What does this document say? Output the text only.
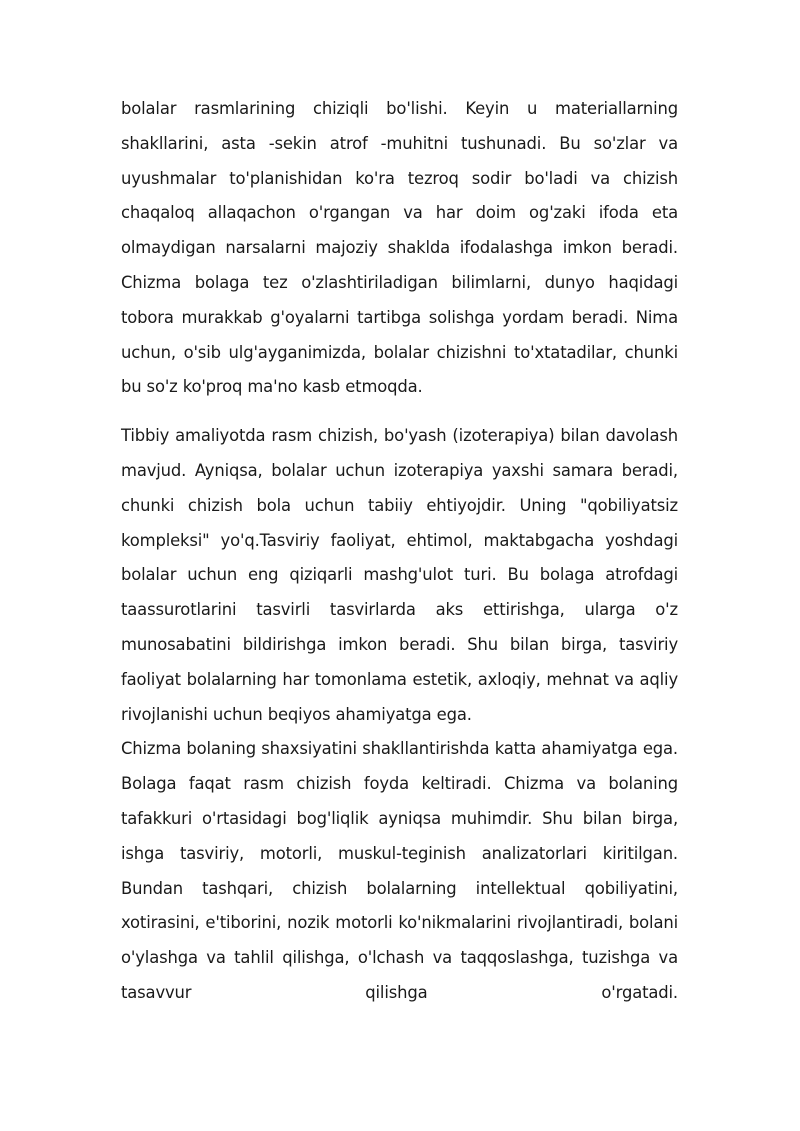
bolalar rasmlarining chiziqli bo'lishi. Keyin u materiallarning shakllarini, asta -sekin atrof -muhitni tushunadi. Bu so'zlar va uyushmalar to'planishidan ko'ra tezroq sodir bo'ladi va chizish chaqaloq allaqachon o'rgangan va har doim og'zaki ifoda eta olmaydigan narsalarni majoziy shaklda ifodalashga imkon beradi. Chizma bolaga tez o'zlashtiriladigan bilimlarni, dunyo haqidagi tobora murakkab g'oyalarni tartibga solishga yordam beradi. Nima uchun, o'sib ulg'ayganimizda, bolalar chizishni to'xtatadilar, chunki bu so'z ko'proq ma'no kasb etmoqda.

Tibbiy amaliyotda rasm chizish, bo'yash (izoterapiya) bilan davolash mavjud. Ayniqsa, bolalar uchun izoterapiya yaxshi samara beradi, chunki chizish bola uchun tabiiy ehtiyojdir. Uning "qobiliyatsiz kompleksi" yo'q.Tasviriy faoliyat, ehtimol, maktabgacha yoshdagi bolalar uchun eng qiziqarli mashg'ulot turi. Bu bolaga atrofdagi taassurotlarini tasvirli tasvirlarda aks ettirishga, ularga o'z munosabatini bildirishga imkon beradi. Shu bilan birga, tasviriy faoliyat bolalarning har tomonlama estetik, axloqiy, mehnat va aqliy rivojlanishi uchun beqiyos ahamiyatga ega.

Chizma bolaning shaxsiyatini shakllantirishda katta ahamiyatga ega. Bolaga faqat rasm chizish foyda keltiradi. Chizma va bolaning tafakkuri o'rtasidagi bog'liqlik ayniqsa muhimdir. Shu bilan birga, ishga tasviriy, motorli, muskul-teginish analizatorlari kiritilgan. Bundan tashqari, chizish bolalarning intellektual qobiliyatini, xotirasini, e'tiborini, nozik motorli ko'nikmalarini rivojlantiradi, bolani o'ylashga va tahlil qilishga, o'lchash va taqqoslashga, tuzishga va tasavvur qilishga o'rgatadi.
